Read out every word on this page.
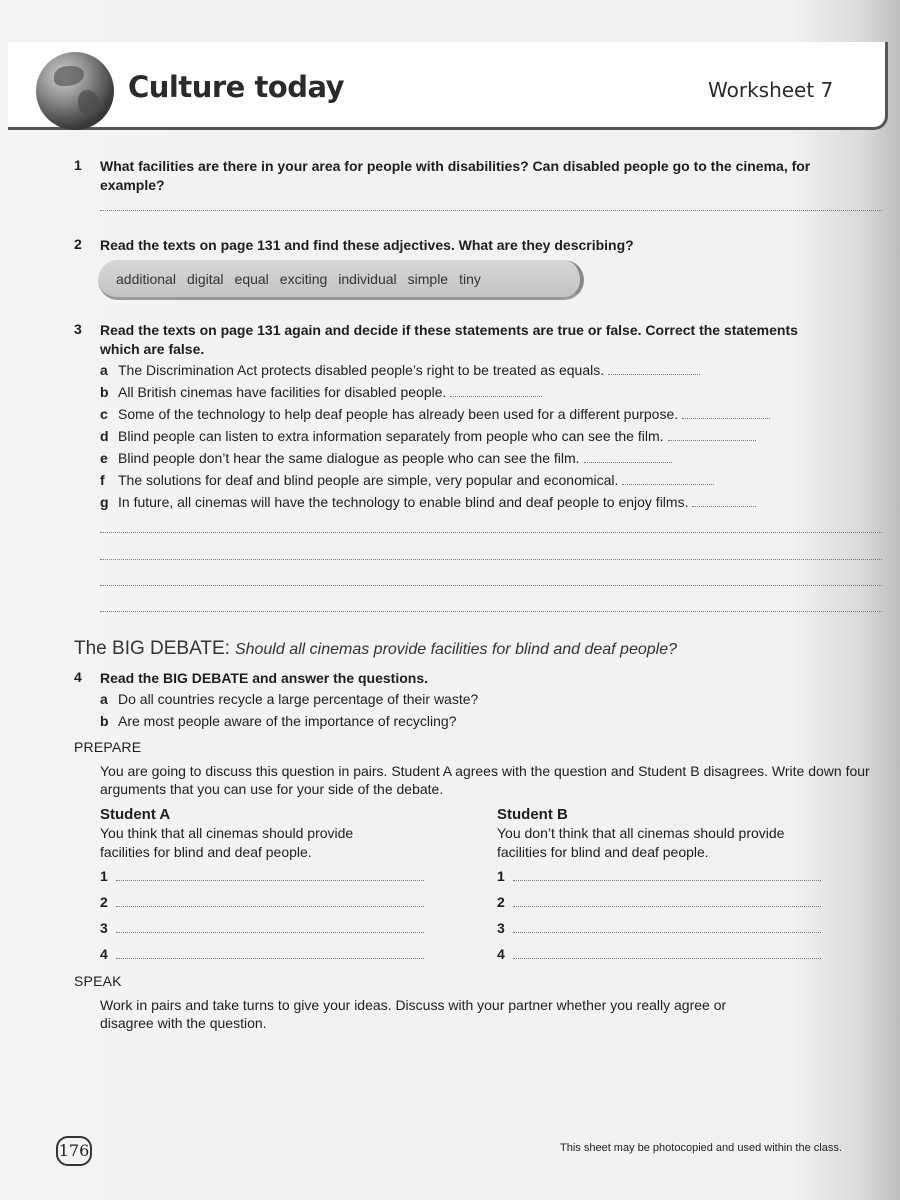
Culture today	Worksheet 7
1 What facilities are there in your area for people with disabilities? Can disabled people go to the cinema, for example?
2 Read the texts on page 131 and find these adjectives. What are they describing?
additional digital equal exciting individual simple tiny
3 Read the texts on page 131 again and decide if these statements are true or false. Correct the statements which are false.
a The Discrimination Act protects disabled people’s right to be treated as equals.
b All British cinemas have facilities for disabled people.
c Some of the technology to help deaf people has already been used for a different purpose.
d Blind people can listen to extra information separately from people who can see the film.
e Blind people don’t hear the same dialogue as people who can see the film.
f The solutions for deaf and blind people are simple, very popular and economical.
g In future, all cinemas will have the technology to enable blind and deaf people to enjoy films.
The BIG DEBATE: Should all cinemas provide facilities for blind and deaf people?
4 Read the BIG DEBATE and answer the questions.
a Do all countries recycle a large percentage of their waste?
b Are most people aware of the importance of recycling?
PREPARE
You are going to discuss this question in pairs. Student A agrees with the question and Student B disagrees. Write down four arguments that you can use for your side of the debate.
Student A
You think that all cinemas should provide
facilities for blind and deaf people.
Student B
You don’t think that all cinemas should provide
facilities for blind and deaf people.
1
2
3
4
1
2
3
4
SPEAK
Work in pairs and take turns to give your ideas. Discuss with your partner whether you really agree or
disagree with the question.
176	This sheet may be photocopied and used within the class.
